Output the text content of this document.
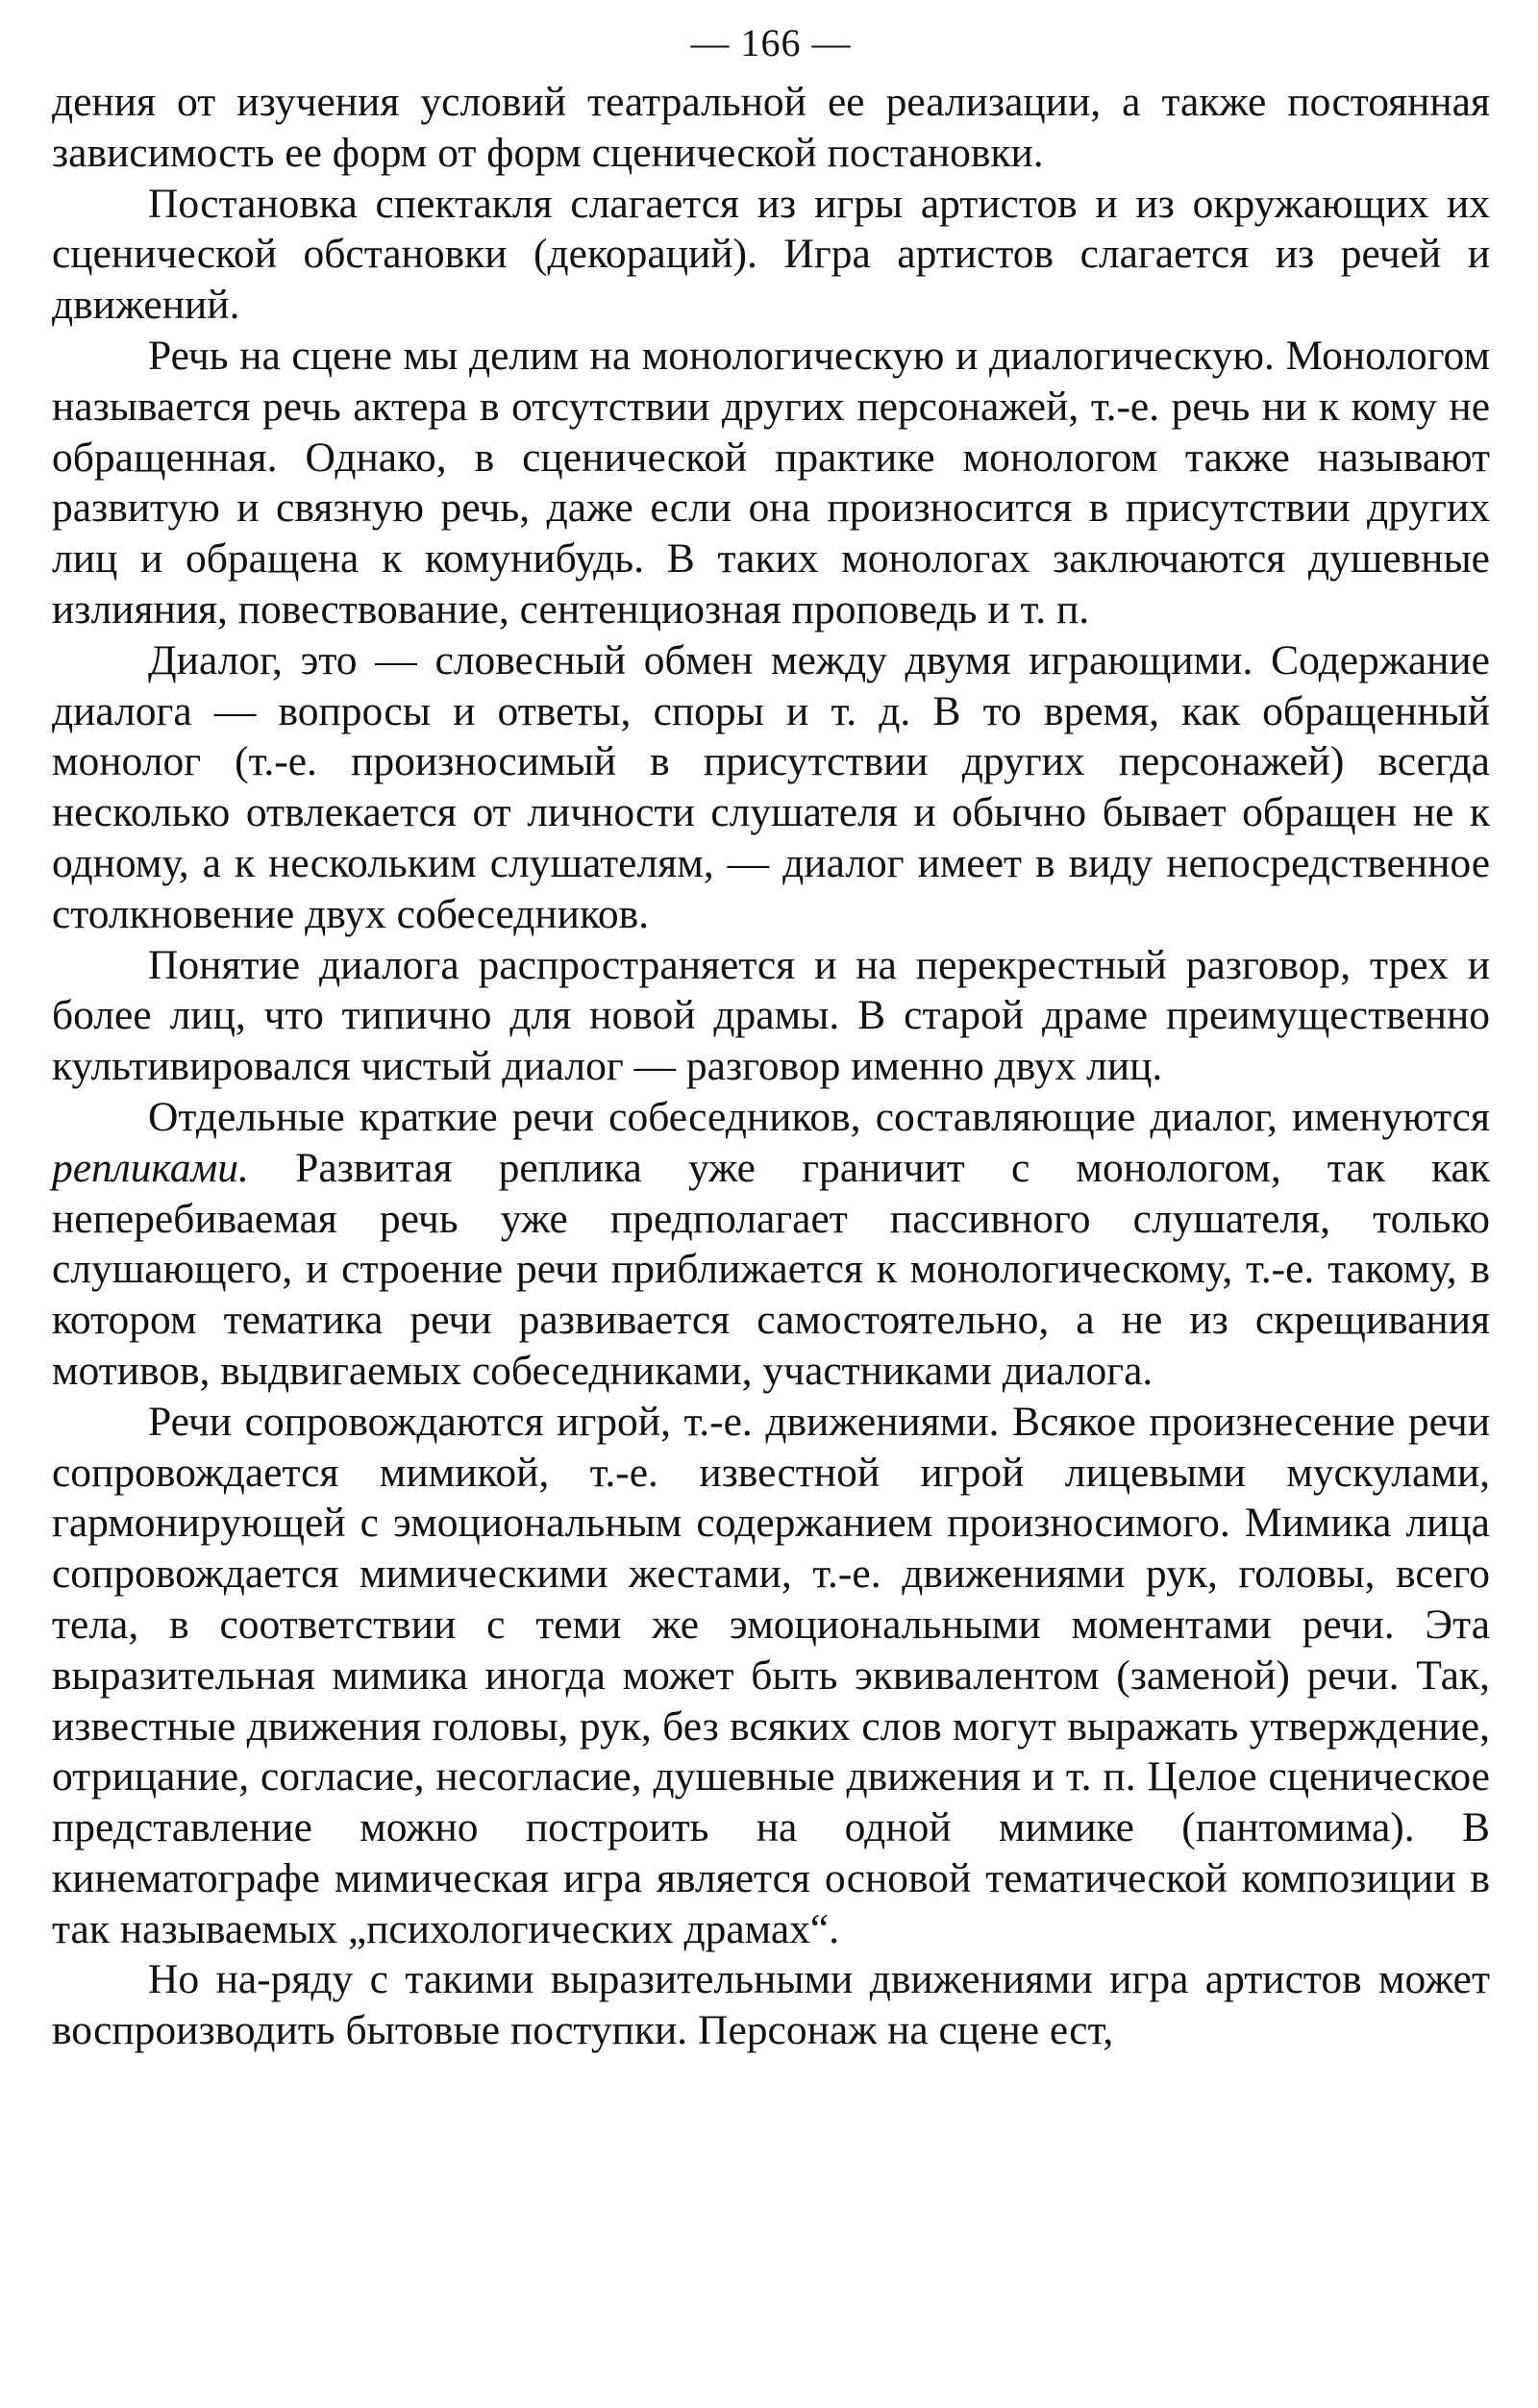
— 166 —

дения от изучения условий театральной ее реализации, а также постоянная зависимость ее форм от форм сценической постановки.

Постановка спектакля слагается из игры артистов и из окружающих их сценической обстановки (декораций). Игра артистов слагается из речей и движений.

Речь на сцене мы делим на монологическую и диалогическую. Монологом называется речь актера в отсутствии других персонажей, т.-е. речь ни к кому не обращенная. Однако, в сценической практике монологом также называют развитую и связную речь, даже если она произносится в присутствии других лиц и обращена к комунибудь. В таких монологах заключаются душевные излияния, повествование, сентенциозная проповедь и т. п.

Диалог, это — словесный обмен между двумя играющими. Содержание диалога — вопросы и ответы, споры и т. д. В то время, как обращенный монолог (т.-е. произносимый в присутствии других персонажей) всегда несколько отвлекается от личности слушателя и обычно бывает обращен не к одному, а к нескольким слушателям, — диалог имеет в виду непосредственное столкновение двух собеседников.

Понятие диалога распространяется и на перекрестный разговор, трех и более лиц, что типично для новой драмы. В старой драме преимущественно культивировался чистый диалог — разговор именно двух лиц.

Отдельные краткие речи собеседников, составляющие диалог, именуются репликами. Развитая реплика уже граничит с монологом, так как неперебиваемая речь уже предполагает пассивного слушателя, только слушающего, и строение речи приближается к монологическому, т.-е. такому, в котором тематика речи развивается самостоятельно, а не из скрещивания мотивов, выдвигаемых собеседниками, участниками диалога.

Речи сопровождаются игрой, т.-е. движениями. Всякое произнесение речи сопровождается мимикой, т.-е. известной игрой лицевыми мускулами, гармонирующей с эмоциональным содержанием произносимого. Мимика лица сопровождается мимическими жестами, т.-е. движениями рук, головы, всего тела, в соответствии с теми же эмоциональными моментами речи. Эта выразительная мимика иногда может быть эквивалентом (заменой) речи. Так, известные движения головы, рук, без всяких слов могут выражать утверждение, отрицание, согласие, несогласие, душевные движения и т. п. Целое сценическое представление можно построить на одной мимике (пантомима). В кинематографе мимическая игра является основой тематической композиции в так называемых „психологических драмах“.

Но на-ряду с такими выразительными движениями игра артистов может воспроизводить бытовые поступки. Персонаж на сцене ест,
